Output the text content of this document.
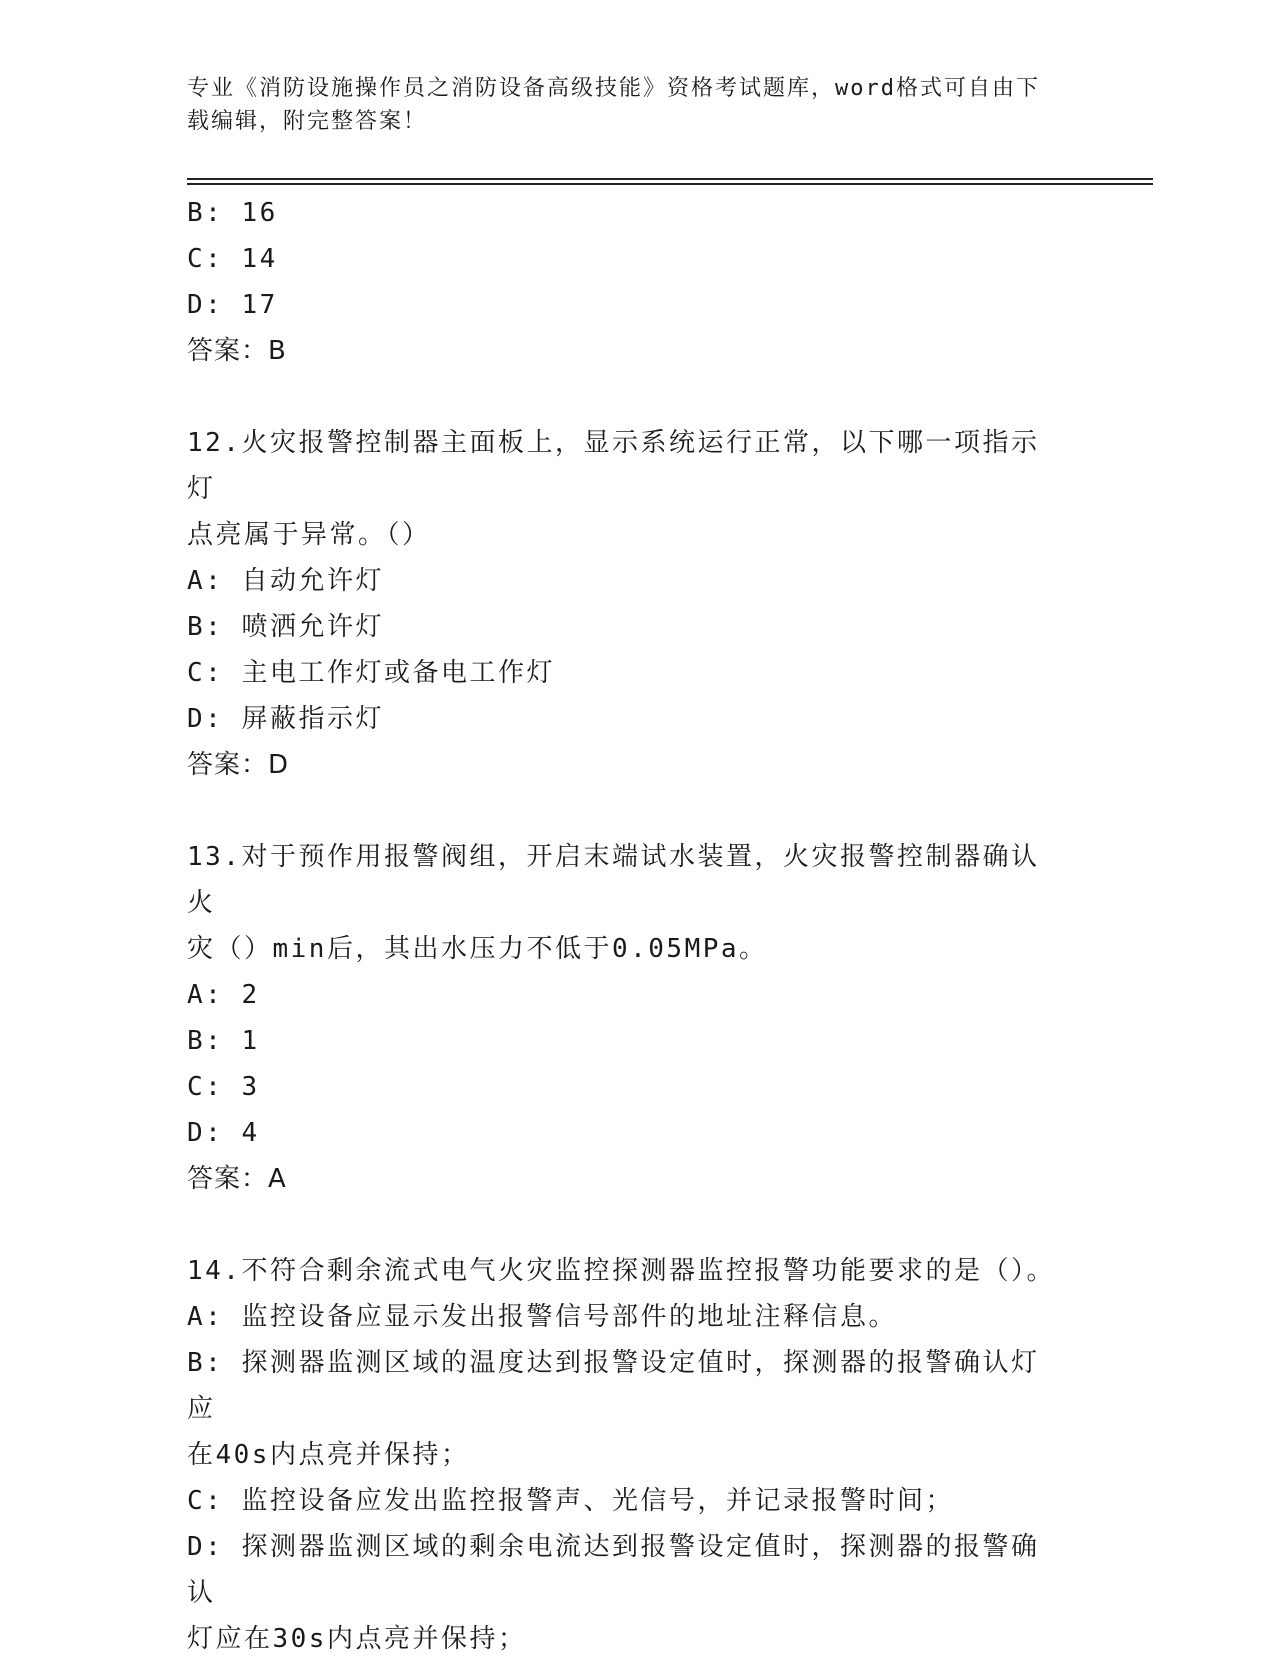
专业《消防设施操作员之消防设备高级技能》资格考试题库，word格式可自由下
载编辑，附完整答案！
B: 16
C: 14
D: 17
答案：B
12.火灾报警控制器主面板上，显示系统运行正常，以下哪一项指示灯
点亮属于异常。（）
A: 自动允许灯
B: 喷洒允许灯
C: 主电工作灯或备电工作灯
D: 屏蔽指示灯
答案：D
13.对于预作用报警阀组，开启末端试水装置，火灾报警控制器确认火
灾（）min后，其出水压力不低于0.05MPa。
A: 2
B: 1
C: 3
D: 4
答案：A
14.不符合剩余流式电气火灾监控探测器监控报警功能要求的是（）。
A: 监控设备应显示发出报警信号部件的地址注释信息。
B: 探测器监测区域的温度达到报警设定值时，探测器的报警确认灯应
在40s内点亮并保持；
C: 监控设备应发出监控报警声、光信号，并记录报警时间；
D: 探测器监测区域的剩余电流达到报警设定值时，探测器的报警确认
灯应在30s内点亮并保持；
